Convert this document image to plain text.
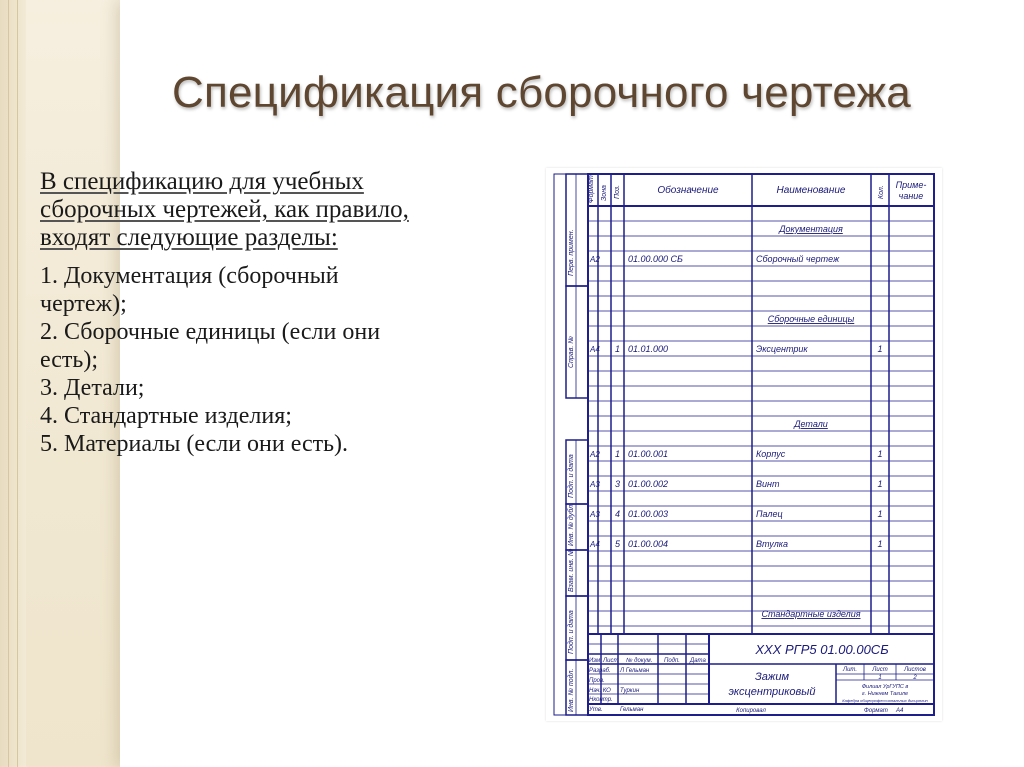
Спецификация сборочного чертежа
В спецификацию для учебных
сборочных чертежей, как правило,
входят следующие разделы:
1. Документация (сборочный
чертеж);
2. Сборочные единицы (если они
есть);
3. Детали;
4. Стандартные изделия;
5. Материалы (если они есть).
Формат Зона Поз.	Обозначение	Наименование	Кол.
Приме-
чание
Перв. примен.
Справ. №
Подп. и дата
Инв. № дубл.
Взам. инв. №
Подп. и дата
Инв. № подл.
Документация
Сборочные единицы
Детали
Стандартные изделия
А2	01.00.000 СБ	Сборочный чертеж
А4 1 01.01.000	Эксцентрик	1
А2 1 01.00.001	Корпус	1
А3 3 01.00.002	Винт	1
А3 4 01.00.003	Палец	1
А4 5 01.00.004	Втулка	1
ХХХ РГР5 01.00.00СБ
Изм Лист № докум. Подп. Дата
Разраб. Л Гельман
Пров.
Нач. КО Туркин
Нконтр.
Утв.	Гельман
Зажим
эксцентриковый
Лит.	Лист	Листов
1	2
Филиал УрГУПС в
г. Нижнем Тагиле
Кафедра общепрофессиональных дисциплин
Копировал	Формат А4
